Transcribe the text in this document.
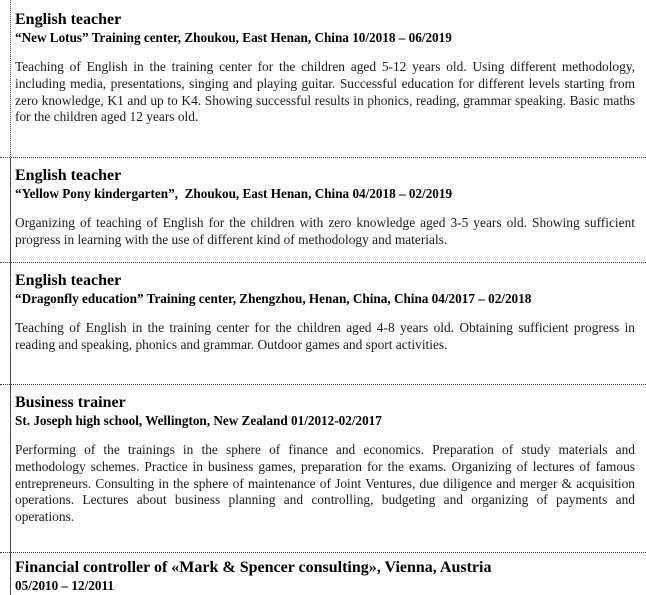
English teacher
“New Lotus” Training center, Zhoukou, East Henan, China 10/2018 – 06/2019
Teaching of English in the training center for the children aged 5-12 years old. Using different methodology, including media, presentations, singing and playing guitar. Successful education for different levels starting from zero knowledge, K1 and up to K4. Showing successful results in phonics, reading, grammar speaking. Basic maths for the children aged 12 years old.
English teacher
“Yellow Pony kindergarten”,  Zhoukou, East Henan, China 04/2018 – 02/2019
Organizing of teaching of English for the children with zero knowledge aged 3-5 years old. Showing sufficient  progress in learning with the use of different kind of methodology and materials.
English teacher
“Dragonfly education” Training center, Zhengzhou, Henan, China, China 04/2017 – 02/2018
Teaching of English in the training center for the children aged 4-8 years old. Obtaining sufficient progress in reading and speaking, phonics and grammar. Outdoor games and sport activities.
Business trainer
St. Joseph high school, Wellington, New Zealand 01/2012-02/2017
Performing of the trainings in the sphere of finance and economics. Preparation of study materials and methodology schemes. Practice in business games, preparation for the exams. Organizing of lectures of famous entrepreneurs. Consulting in the sphere of maintenance of Joint Ventures, due diligence and merger & acquisition operations. Lectures about business planning and controlling, budgeting and organizing of payments and operations.
Financial controller of «Mark & Spencer consulting», Vienna, Austria
05/2010 – 12/2011
